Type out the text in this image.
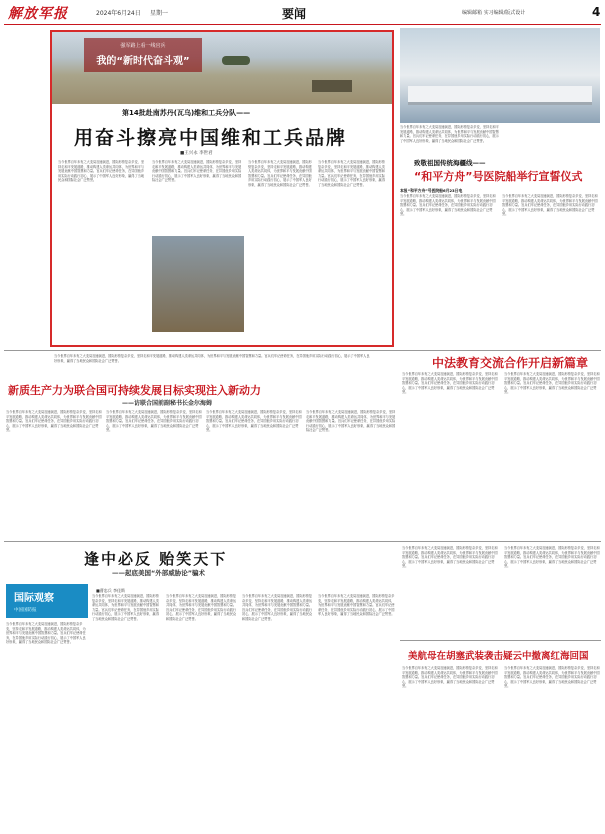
解放军报	2024年6月24日 星期一	要闻	编辑邮箱 实习编辑/版式设计	4
强军路上看一线官兵
我的“新时代奋斗观”
第14批赴南苏丹(瓦乌)维和工兵分队——
用奋斗擦亮中国维和工兵品牌
■王兴永 李世君
当今世界百年未有之大变局加速演进，国际形势复杂多变，坚持走和平发展道路，推动构建人类命运共同体，为世界和平与发展贡献中国智慧和力量。官兵们牢记使命任务，在异国他乡用实际行动践行初心，展示了中国军人良好形象，赢得了当地民众和国际社会广泛赞誉。
当今世界百年未有之大变局加速演进，国际形势复杂多变，坚持走和平发展道路，推动构建人类命运共同体，为世界和平与发展贡献中国智慧和力量。官兵们牢记使命任务，在异国他乡用实际行动践行初心，展示了中国军人良好形象，赢得了当地民众和国际社会广泛赞誉。
当今世界百年未有之大变局加速演进，国际形势复杂多变，坚持走和平发展道路，推动构建人类命运共同体，为世界和平与发展贡献中国智慧和力量。官兵们牢记使命任务，在异国他乡用实际行动践行初心，展示了中国军人良好形象，赢得了当地民众和国际社会广泛赞誉。
当今世界百年未有之大变局加速演进，国际形势复杂多变，坚持走和平发展道路，推动构建人类命运共同体，为世界和平与发展贡献中国智慧和力量。官兵们牢记使命任务，在异国他乡用实际行动践行初心，展示了中国军人良好形象，赢得了当地民众和国际社会广泛赞誉。
当今世界百年未有之大变局加速演进，国际形势复杂多变，坚持走和平发展道路，推动构建人类命运共同体，为世界和平与发展贡献中国智慧和力量。官兵们牢记使命任务，在异国他乡用实际行动践行初心，展示了中国军人良好形象，赢得了当地民众和国际社会广泛赞誉。
致敬祖国传统海疆线——
“和平方舟”号医院船举行宣誓仪式
本报“和平方舟”号医院船6月23日电
当今世界百年未有之大变局加速演进，国际形势复杂多变，坚持走和平发展道路，推动构建人类命运共同体，为世界和平与发展贡献中国智慧和力量。官兵们牢记使命任务，在异国他乡用实际行动践行初心，展示了中国军人良好形象，赢得了当地民众和国际社会广泛赞誉。
当今世界百年未有之大变局加速演进，国际形势复杂多变，坚持走和平发展道路，推动构建人类命运共同体，为世界和平与发展贡献中国智慧和力量。官兵们牢记使命任务，在异国他乡用实际行动践行初心，展示了中国军人良好形象，赢得了当地民众和国际社会广泛赞誉。
中法教育交流合作开启新篇章
当今世界百年未有之大变局加速演进，国际形势复杂多变，坚持走和平发展道路，推动构建人类命运共同体，为世界和平与发展贡献中国智慧和力量。官兵们牢记使命任务，在异国他乡用实际行动践行初心，展示了中国军人良好形象，赢得了当地民众和国际社会广泛赞誉。
新质生产力为联合国可持续发展目标实现注入新动力
——访联合国前副秘书长金尔海姆
当今世界百年未有之大变局加速演进，国际形势复杂多变，坚持走和平发展道路，推动构建人类命运共同体，为世界和平与发展贡献中国智慧和力量。官兵们牢记使命任务，在异国他乡用实际行动践行初心，展示了中国军人良好形象，赢得了当地民众和国际社会广泛赞誉。
当今世界百年未有之大变局加速演进，国际形势复杂多变，坚持走和平发展道路，推动构建人类命运共同体，为世界和平与发展贡献中国智慧和力量。官兵们牢记使命任务，在异国他乡用实际行动践行初心，展示了中国军人良好形象，赢得了当地民众和国际社会广泛赞誉。
当今世界百年未有之大变局加速演进，国际形势复杂多变，坚持走和平发展道路，推动构建人类命运共同体，为世界和平与发展贡献中国智慧和力量。官兵们牢记使命任务，在异国他乡用实际行动践行初心，展示了中国军人良好形象，赢得了当地民众和国际社会广泛赞誉。
当今世界百年未有之大变局加速演进，国际形势复杂多变，坚持走和平发展道路，推动构建人类命运共同体，为世界和平与发展贡献中国智慧和力量。官兵们牢记使命任务，在异国他乡用实际行动践行初心，展示了中国军人良好形象，赢得了当地民众和国际社会广泛赞誉。
当今世界百年未有之大变局加速演进，国际形势复杂多变，坚持走和平发展道路，推动构建人类命运共同体，为世界和平与发展贡献中国智慧和力量。官兵们牢记使命任务，在异国他乡用实际行动践行初心，展示了中国军人良好形象，赢得了当地民众和国际社会广泛赞誉。
当今世界百年未有之大变局加速演进，国际形势复杂多变，坚持走和平发展道路，推动构建人类命运共同体，为世界和平与发展贡献中国智慧和力量。官兵们牢记使命任务，在异国他乡用实际行动践行初心，展示了中国军人良好形象，赢得了当地民众和国际社会广泛赞誉。
逢中必反 贻笑天下
——起底美国“外部威胁论”骗术
国际观察
中国国防报
■曹忠兵 李佳斯
当今世界百年未有之大变局加速演进，国际形势复杂多变，坚持走和平发展道路，推动构建人类命运共同体，为世界和平与发展贡献中国智慧和力量。官兵们牢记使命任务，在异国他乡用实际行动践行初心，展示了中国军人良好形象，赢得了当地民众和国际社会广泛赞誉。
当今世界百年未有之大变局加速演进，国际形势复杂多变，坚持走和平发展道路，推动构建人类命运共同体，为世界和平与发展贡献中国智慧和力量。官兵们牢记使命任务，在异国他乡用实际行动践行初心，展示了中国军人良好形象，赢得了当地民众和国际社会广泛赞誉。
当今世界百年未有之大变局加速演进，国际形势复杂多变，坚持走和平发展道路，推动构建人类命运共同体，为世界和平与发展贡献中国智慧和力量。官兵们牢记使命任务，在异国他乡用实际行动践行初心，展示了中国军人良好形象，赢得了当地民众和国际社会广泛赞誉。
当今世界百年未有之大变局加速演进，国际形势复杂多变，坚持走和平发展道路，推动构建人类命运共同体，为世界和平与发展贡献中国智慧和力量。官兵们牢记使命任务，在异国他乡用实际行动践行初心，展示了中国军人良好形象，赢得了当地民众和国际社会广泛赞誉。
当今世界百年未有之大变局加速演进，国际形势复杂多变，坚持走和平发展道路，推动构建人类命运共同体，为世界和平与发展贡献中国智慧和力量。官兵们牢记使命任务，在异国他乡用实际行动践行初心，展示了中国军人良好形象，赢得了当地民众和国际社会广泛赞誉。
当今世界百年未有之大变局加速演进，国际形势复杂多变，坚持走和平发展道路，推动构建人类命运共同体，为世界和平与发展贡献中国智慧和力量。官兵们牢记使命任务，在异国他乡用实际行动践行初心，展示了中国军人良好形象，赢得了当地民众和国际社会广泛赞誉。
当今世界百年未有之大变局加速演进，国际形势复杂多变，坚持走和平发展道路，推动构建人类命运共同体，为世界和平与发展贡献中国智慧和力量。官兵们牢记使命任务，在异国他乡用实际行动践行初心，展示了中国军人良好形象，赢得了当地民众和国际社会广泛赞誉。
美航母在胡塞武装袭击疑云中撤离红海回国
当今世界百年未有之大变局加速演进，国际形势复杂多变，坚持走和平发展道路，推动构建人类命运共同体，为世界和平与发展贡献中国智慧和力量。官兵们牢记使命任务，在异国他乡用实际行动践行初心，展示了中国军人良好形象，赢得了当地民众和国际社会广泛赞誉。
当今世界百年未有之大变局加速演进，国际形势复杂多变，坚持走和平发展道路，推动构建人类命运共同体，为世界和平与发展贡献中国智慧和力量。官兵们牢记使命任务，在异国他乡用实际行动践行初心，展示了中国军人良好形象，赢得了当地民众和国际社会广泛赞誉。
